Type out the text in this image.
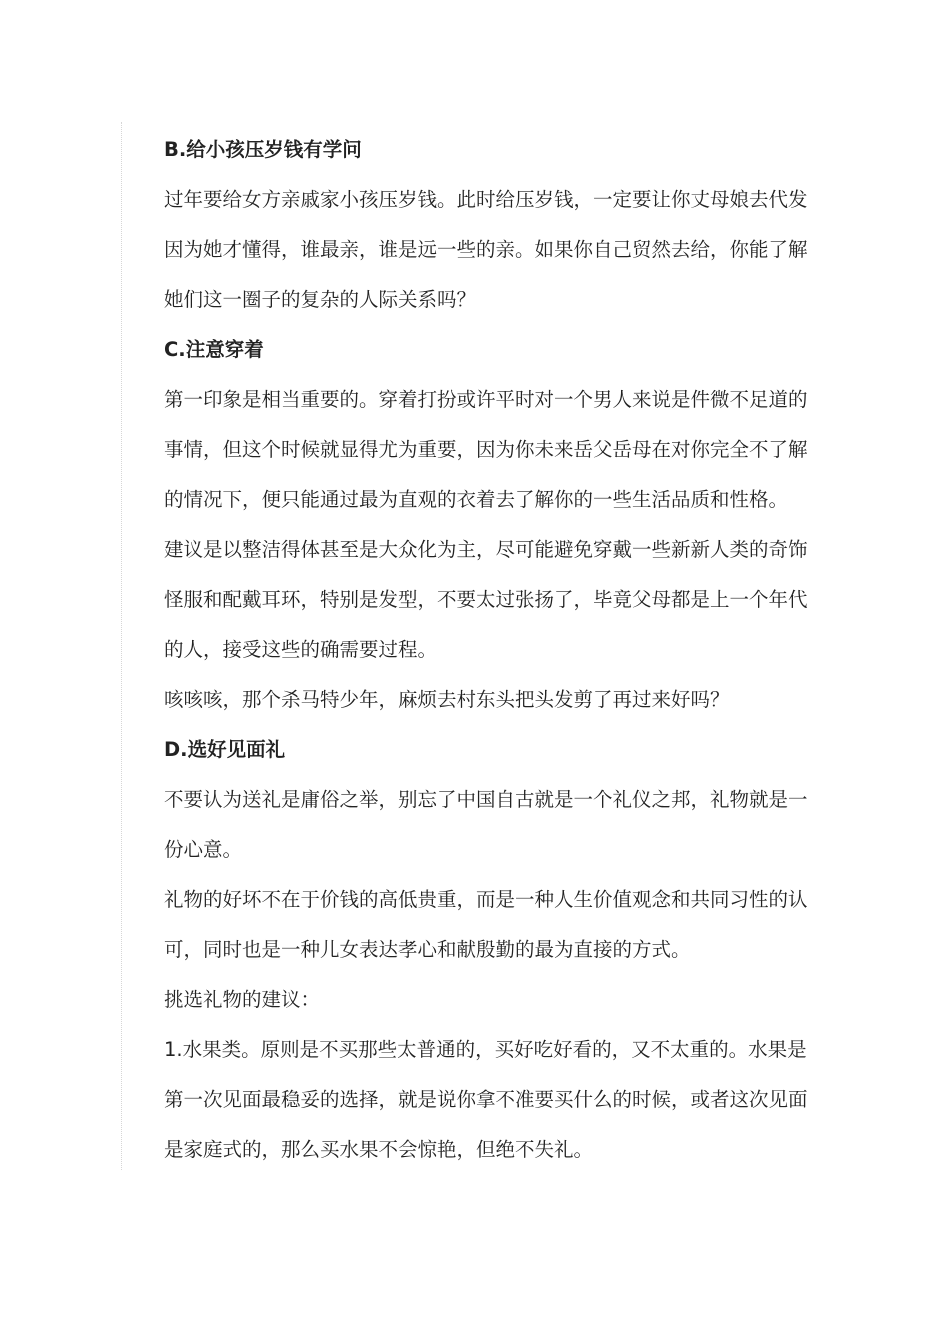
B.给小孩压岁钱有学问
过年要给女方亲戚家小孩压岁钱。此时给压岁钱，一定要让你丈母娘去代发
因为她才懂得，谁最亲，谁是远一些的亲。如果你自己贸然去给，你能了解
她们这一圈子的复杂的人际关系吗？
C.注意穿着
第一印象是相当重要的。穿着打扮或许平时对一个男人来说是件微不足道的
事情，但这个时候就显得尤为重要，因为你未来岳父岳母在对你完全不了解
的情况下，便只能通过最为直观的衣着去了解你的一些生活品质和性格。
建议是以整洁得体甚至是大众化为主，尽可能避免穿戴一些新新人类的奇饰
怪服和配戴耳环，特别是发型，不要太过张扬了，毕竟父母都是上一个年代
的人，接受这些的确需要过程。
咳咳咳，那个杀马特少年，麻烦去村东头把头发剪了再过来好吗？
D.选好见面礼
不要认为送礼是庸俗之举，别忘了中国自古就是一个礼仪之邦，礼物就是一
份心意。
礼物的好坏不在于价钱的高低贵重，而是一种人生价值观念和共同习性的认
可，同时也是一种儿女表达孝心和献殷勤的最为直接的方式。
挑选礼物的建议：
1.水果类。原则是不买那些太普通的，买好吃好看的，又不太重的。水果是
第一次见面最稳妥的选择，就是说你拿不准要买什么的时候，或者这次见面
是家庭式的，那么买水果不会惊艳，但绝不失礼。
